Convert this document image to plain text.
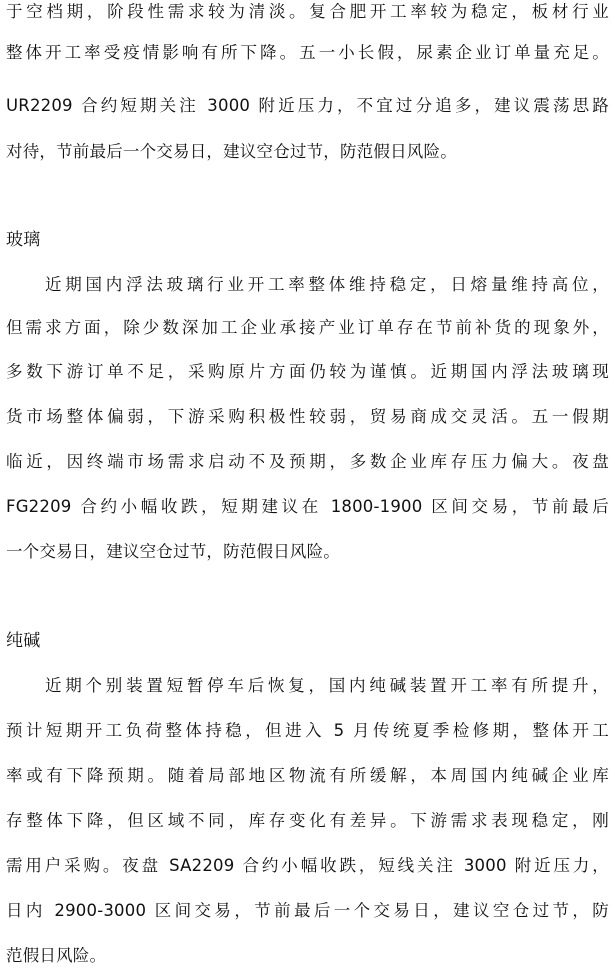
于空档期，阶段性需求较为清淡。复合肥开工率较为稳定，板材行业
整体开工率受疫情影响有所下降。五一小长假，尿素企业订单量充足。
UR2209 合约短期关注 3000 附近压力，不宜过分追多，建议震荡思路
对待，节前最后一个交易日，建议空仓过节，防范假日风险。
玻璃
近期国内浮法玻璃行业开工率整体维持稳定，日熔量维持高位，
但需求方面，除少数深加工企业承接产业订单存在节前补货的现象外，
多数下游订单不足，采购原片方面仍较为谨慎。近期国内浮法玻璃现
货市场整体偏弱，下游采购积极性较弱，贸易商成交灵活。五一假期
临近，因终端市场需求启动不及预期，多数企业库存压力偏大。夜盘
FG2209 合约小幅收跌，短期建议在 1800-1900 区间交易，节前最后
一个交易日，建议空仓过节，防范假日风险。
纯碱
近期个别装置短暂停车后恢复，国内纯碱装置开工率有所提升，
预计短期开工负荷整体持稳，但进入 5 月传统夏季检修期，整体开工
率或有下降预期。随着局部地区物流有所缓解，本周国内纯碱企业库
存整体下降，但区域不同，库存变化有差异。下游需求表现稳定，刚
需用户采购。夜盘 SA2209 合约小幅收跌，短线关注 3000 附近压力，
日内 2900-3000 区间交易，节前最后一个交易日，建议空仓过节，防
范假日风险。
